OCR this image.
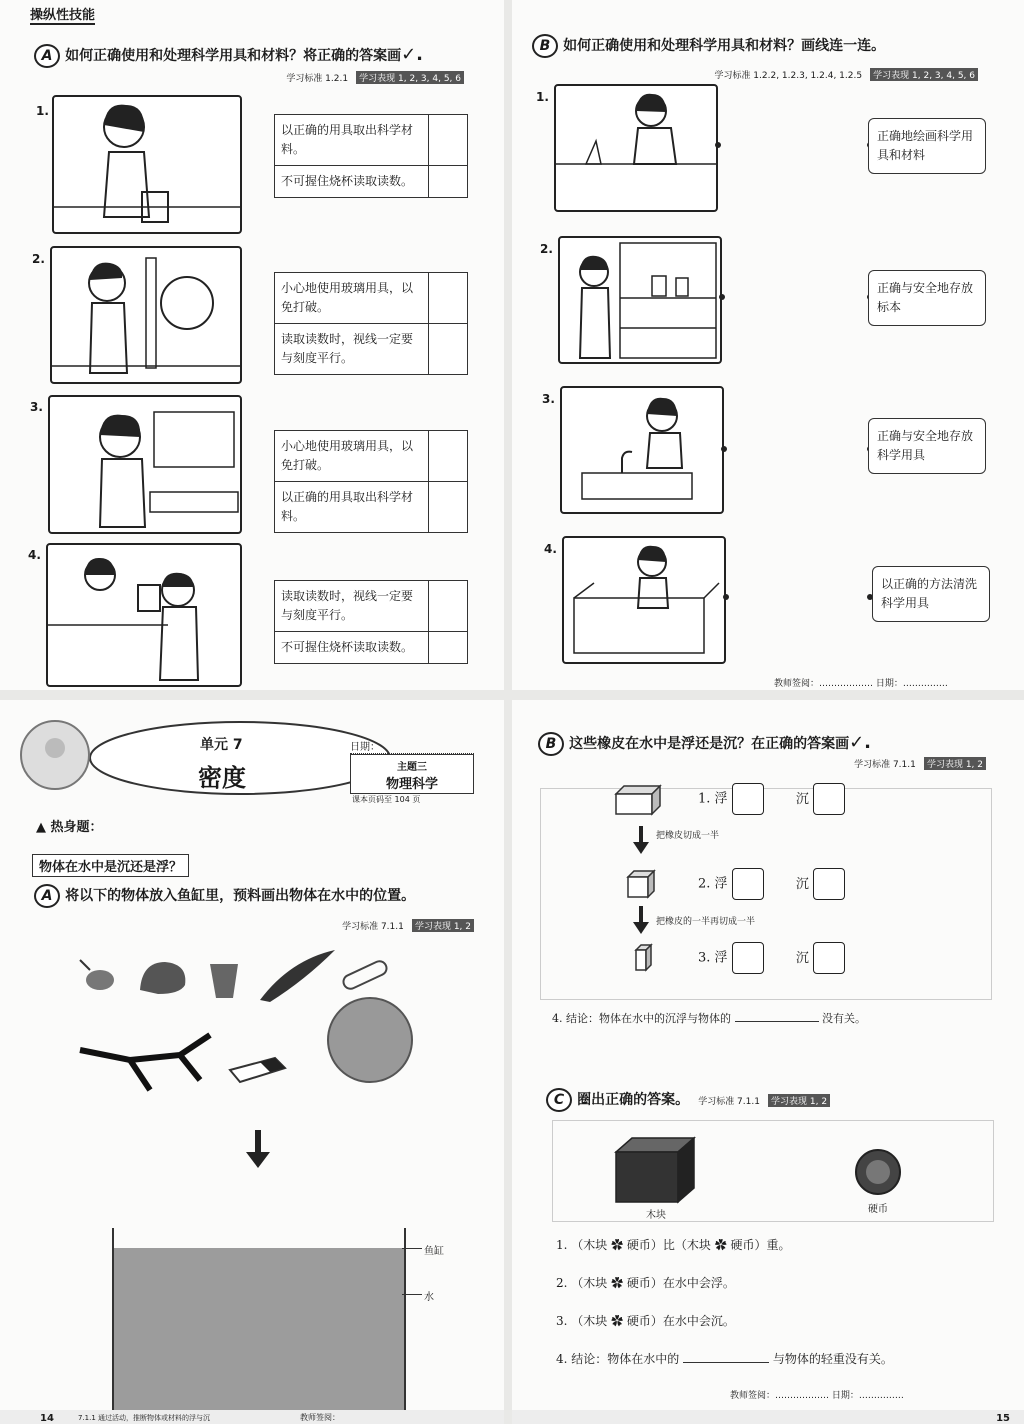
操纵性技能
A 如何正确使用和处理科学用具和材料？将正确的答案画✓.
学习标准 1.2.1 学习表现 1, 2, 3, 4, 5, 6
1.
以正确的用具取出科学材料。
不可握住烧杯读取读数。
2.
小心地使用玻璃用具，以免打破。
读取读数时，视线一定要与刻度平行。
3.
小心地使用玻璃用具，以免打破。
以正确的用具取出科学材料。
4.
读取读数时，视线一定要与刻度平行。
不可握住烧杯读取读数。
B 如何正确使用和处理科学用具和材料？画线连一连。
学习标准 1.2.2, 1.2.3, 1.2.4, 1.2.5 学习表现 1, 2, 3, 4, 5, 6
1.
正确地绘画科学用具和材料
2.
正确与安全地存放标本
3.
正确与安全地存放科学用具
4.
以正确的方法清洗科学用具
教师签阅：……………… 日期：……………
单元 7
密度
日期：
主题三
物理科学
课本页码至 104 页
▲ 热身题：
物体在水中是沉还是浮？
A 将以下的物体放入鱼缸里，预料画出物体在水中的位置。
学习标准 7.1.1 学习表现 1, 2
鱼缸
水
14	7.1.1 通过活动，推断物体或材料的浮与沉	教师签阅：
B 这些橡皮在水中是浮还是沉？在正确的答案画✓.
学习标准 7.1.1 学习表现 1, 2
1. 浮	沉
把橡皮切成一半
2. 浮	沉
把橡皮的一半再切成一半
3. 浮	沉
4. 结论：物体在水中的沉浮与物体的	没有关。
C 圈出正确的答案。 学习标准 7.1.1 学习表现 1, 2
木块
硬币
1. （木块 ✿ 硬币）比（木块 ✿ 硬币）重。
2. （木块 ✿ 硬币）在水中会浮。
3. （木块 ✿ 硬币）在水中会沉。
4. 结论：物体在水中的	与物体的轻重没有关。
教师签阅：……………… 日期：……………
15
